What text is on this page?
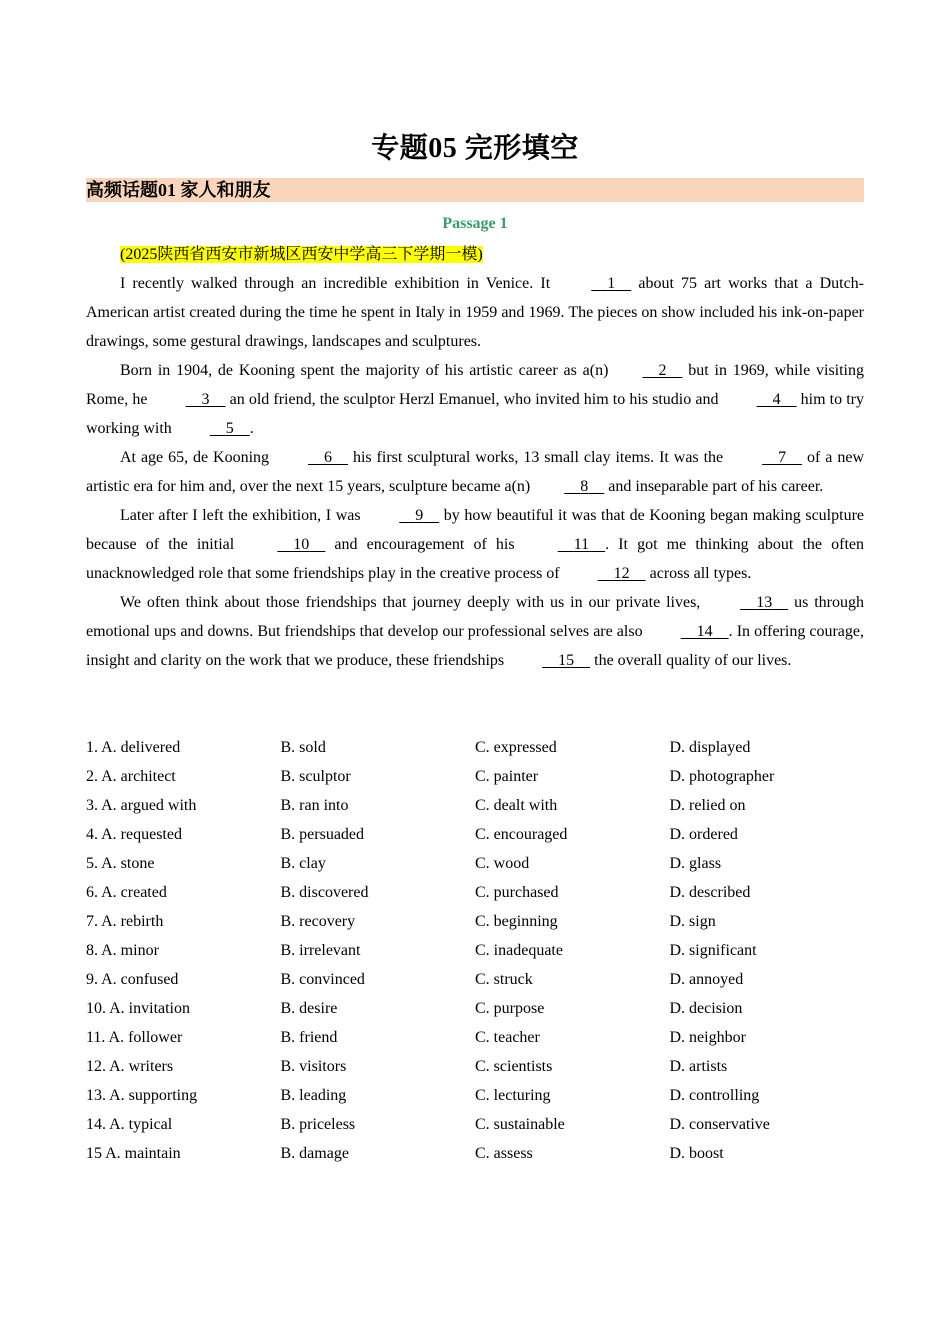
专题05 完形填空
高频话题01 家人和朋友
Passage 1

(2025陕西省西安市新城区西安中学高三下学期一模)

I recently walked through an incredible exhibition in Venice. It	1     about 75 art works that a Dutch-American artist created during the time he spent in Italy in 1959 and 1969. The pieces on show included his ink-on-paper drawings, some gestural drawings, landscapes and sculptures.

Born in 1904, de Kooning spent the majority of his artistic career as a(n)	2     but in 1969, while visiting Rome, he	3     an old friend, the sculptor Herzl Emanuel, who invited him to his studio and	4     him to try working with	5 .

At age 65, de Kooning	6     his first sculptural works, 13 small clay items. It was the	7     of a new artistic era for him and, over the next 15 years, sculpture became a(n)	8     and inseparable part of his career.

Later after I left the exhibition, I was	9     by how beautiful it was that de Kooning began making sculpture because of the initial	10     and encouragement of his	11 . It got me thinking about the often unacknowledged role that some friendships play in the creative process of	12     across all types.

We often think about those friendships that journey deeply with us in our private lives,	13     us through emotional ups and downs. But friendships that develop our professional selves are also	14 . In offering courage, insight and clarity on the work that we produce, these friendships	15     the overall quality of our lives.

1. A. delivered	B. sold	C. expressed	D. displayed
2. A. architect	B. sculptor	C. painter	D. photographer
3. A. argued with	B. ran into	C. dealt with	D. relied on
4. A. requested	B. persuaded	C. encouraged	D. ordered
5. A. stone	B. clay	C. wood	D. glass
6. A. created	B. discovered	C. purchased	D. described
7. A. rebirth	B. recovery	C. beginning	D. sign
8. A. minor	B. irrelevant	C. inadequate	D. significant
9. A. confused	B. convinced	C. struck	D. annoyed
10. A. invitation	B. desire	C. purpose	D. decision
11. A. follower	B. friend	C. teacher	D. neighbor
12. A. writers	B. visitors	C. scientists	D. artists
13. A. supporting	B. leading	C. lecturing	D. controlling
14. A. typical	B. priceless	C. sustainable	D. conservative
15 A. maintain	B. damage	C. assess	D. boost
